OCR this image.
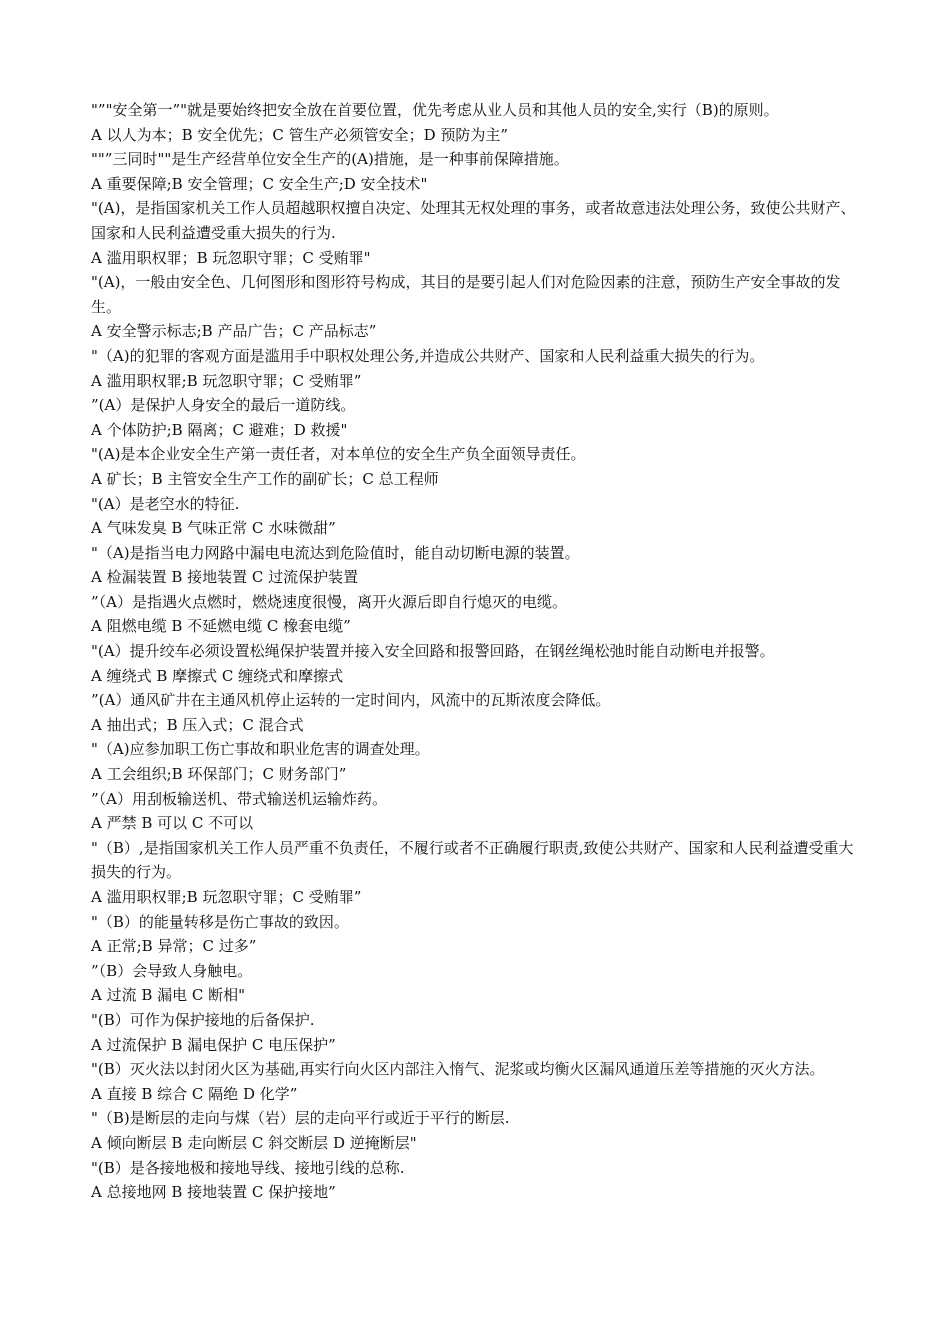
"”"安全第一”"就是要始终把安全放在首要位置，优先考虑从业人员和其他人员的安全,实行（B)的原则。

A 以人为本；B 安全优先；C 管生产必须管安全；D 预防为主”

""”三同时""是生产经营单位安全生产的(A)措施，是一种事前保障措施。

A 重要保障;B 安全管理；C 安全生产;D 安全技术"

"(A)，是指国家机关工作人员超越职权擅自决定、处理其无权处理的事务，或者故意违法处理公务，致使公共财产、国家和人民利益遭受重大损失的行为.

A 滥用职权罪；B 玩忽职守罪；C 受贿罪"

"(A)，一般由安全色、几何图形和图形符号构成，其目的是要引起人们对危险因素的注意，预防生产安全事故的发生。

A 安全警示标志;B 产品广告；C 产品标志”

"（A)的犯罪的客观方面是滥用手中职权处理公务,并造成公共财产、国家和人民利益重大损失的行为。

A 滥用职权罪;B 玩忽职守罪；C 受贿罪”

”(A）是保护人身安全的最后一道防线。

A 个体防护;B 隔离；C 避难；D 救援"

"(A)是本企业安全生产第一责任者，对本单位的安全生产负全面领导责任。

A 矿长；B 主管安全生产工作的副矿长；C 总工程师

"(A）是老空水的特征.

A 气味发臭 B 气味正常 C 水味微甜”

"（A)是指当电力网路中漏电电流达到危险值时，能自动切断电源的装置。

A 检漏装置 B 接地装置 C 过流保护装置

”（A）是指遇火点燃时，燃烧速度很慢，离开火源后即自行熄灭的电缆。

A 阻燃电缆 B 不延燃电缆 C 橡套电缆”

"(A）提升绞车必须设置松绳保护装置并接入安全回路和报警回路，在钢丝绳松弛时能自动断电并报警。

A 缠绕式 B 摩擦式 C 缠绕式和摩擦式

”(A）通风矿井在主通风机停止运转的一定时间内，风流中的瓦斯浓度会降低。

A 抽出式；B 压入式；C 混合式

"（A)应参加职工伤亡事故和职业危害的调查处理。

A 工会组织;B 环保部门；C 财务部门”

”（A）用刮板输送机、带式输送机运输炸药。

A 严禁 B 可以 C 不可以

"（B）,是指国家机关工作人员严重不负责任，不履行或者不正确履行职责,致使公共财产、国家和人民利益遭受重大损失的行为。

A 滥用职权罪;B 玩忽职守罪；C 受贿罪”

"（B）的能量转移是伤亡事故的致因。

A 正常;B 异常；C 过多”

”（B）会导致人身触电。

A 过流 B 漏电 C 断相"

"(B）可作为保护接地的后备保护.

A 过流保护 B 漏电保护 C 电压保护”

"(B）灭火法以封闭火区为基础,再实行向火区内部注入惰气、泥浆或均衡火区漏风通道压差等措施的灭火方法。

A 直接 B 综合 C 隔绝 D 化学”

"（B)是断层的走向与煤（岩）层的走向平行或近于平行的断层.

A 倾向断层 B 走向断层 C 斜交断层 D 逆掩断层"

"(B）是各接地极和接地导线、接地引线的总称.

A 总接地网 B 接地装置 C 保护接地”
